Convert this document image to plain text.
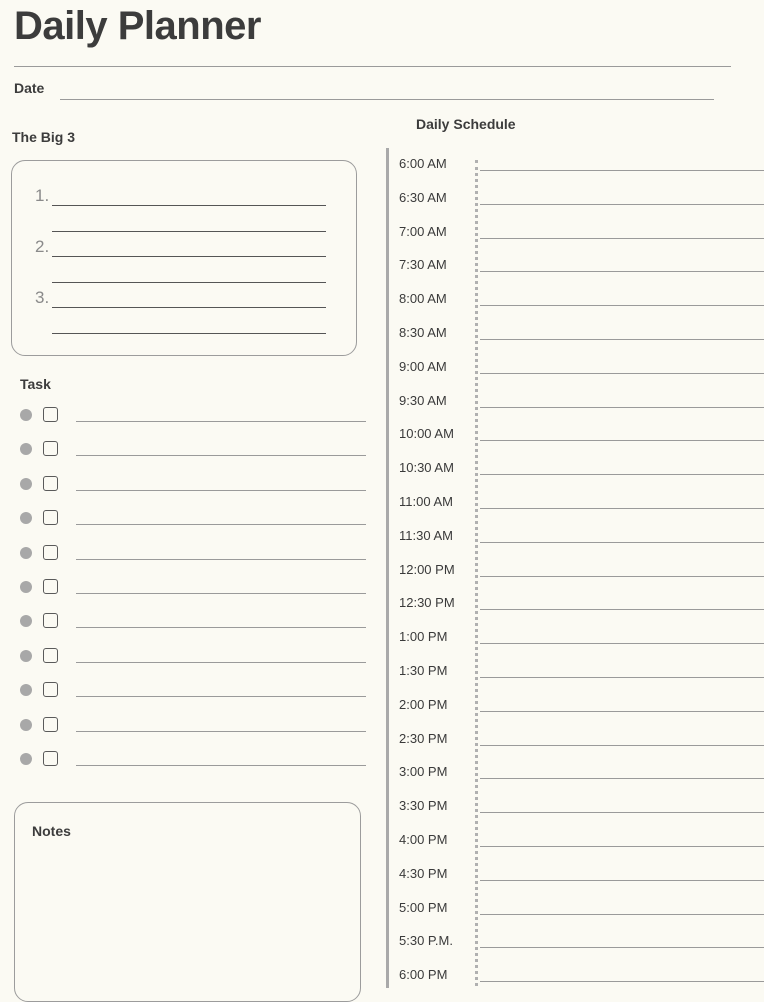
Daily Planner
Date
The Big 3
1.
2.
3.
Task
Notes
Daily Schedule
6:00 AM
6:30 AM
7:00 AM
7:30 AM
8:00 AM
8:30 AM
9:00 AM
9:30 AM
10:00 AM
10:30 AM
11:00 AM
11:30 AM
12:00 PM
12:30 PM
1:00 PM
1:30 PM
2:00 PM
2:30 PM
3:00 PM
3:30 PM
4:00 PM
4:30 PM
5:00 PM
5:30 P.M.
6:00 PM
